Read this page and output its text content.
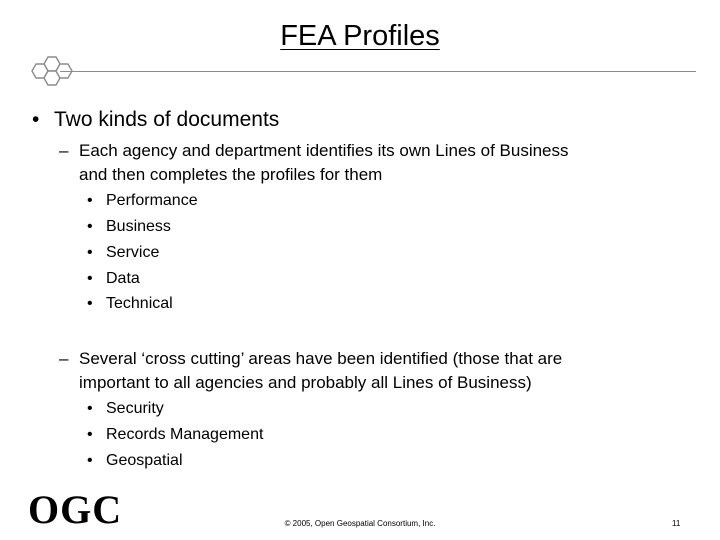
FEA Profiles
• Two kinds of documents
– Each agency and department identifies its own Lines of Business
and then completes the profiles for them
• Performance
• Business
• Service
• Data
• Technical
– Several ‘cross cutting’ areas have been identified (those that are
important to all agencies and probably all Lines of Business)
• Security
• Records Management
• Geospatial
OGC	© 2005, Open Geospatial Consortium, Inc.	11
